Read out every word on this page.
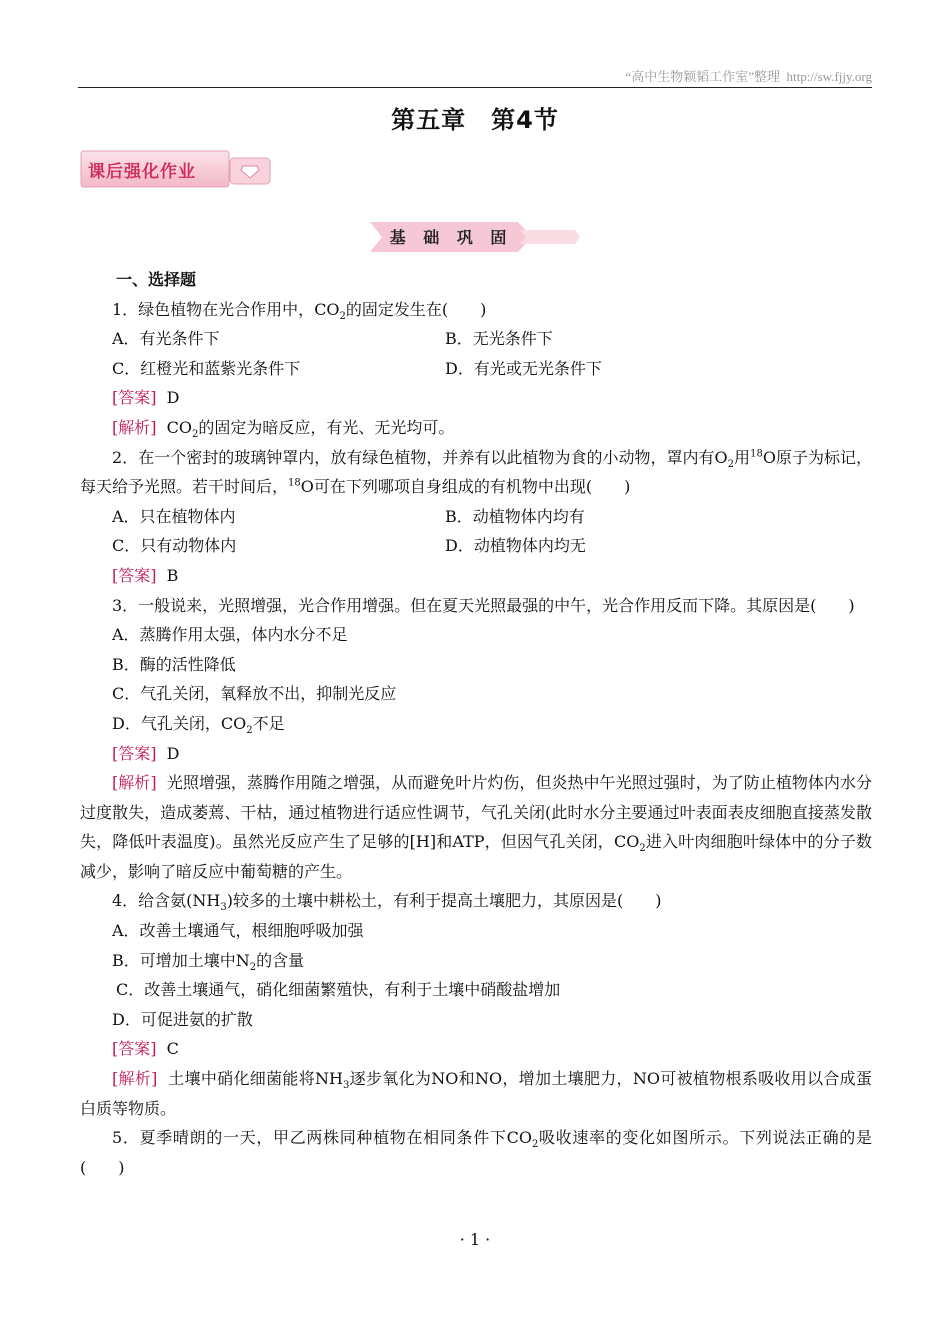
“高中生物颖韬工作室”整理 http://sw.fjjy.org
第五章　第4节
课后强化作业
基 础 巩 固

一、选择题

1．绿色植物在光合作用中，$CO_2$的固定发生在(　　)

A．有光条件下	B．无光条件下
C．红橙光和蓝紫光条件下	D．有光或无光条件下

[答案] D

[解析] $CO_2$的固定为暗反应，有光、无光均可。

2．在一个密封的玻璃钟罩内，放有绿色植物，并养有以此植物为食的小动物，罩内有$O_2$用$^{18}$O原子为标记，每天给予光照。若干时间后，$^{18}$O可在下列哪项自身组成的有机物中出现(　　)

A．只在植物体内	B．动植物体内均有
C．只有动物体内	D．动植物体内均无

[答案] B

3．一般说来，光照增强，光合作用增强。但在夏天光照最强的中午，光合作用反而下降。其原因是(　　)

A．蒸腾作用太强，体内水分不足

B．酶的活性降低

C．气孔关闭，氧释放不出，抑制光反应

D．气孔关闭，$CO_2$不足

[答案] D

[解析] 光照增强，蒸腾作用随之增强，从而避免叶片灼伤，但炎热中午光照过强时，为了防止植物体内水分过度散失，造成萎蔫、干枯，通过植物进行适应性调节，气孔关闭(此时水分主要通过叶表面表皮细胞直接蒸发散失，降低叶表温度)。虽然光反应产生了足够的[H]和ATP，但因气孔关闭，$CO_2$进入叶肉细胞叶绿体中的分子数减少，影响了暗反应中葡萄糖的产生。

4．给含氨$(NH_3)$较多的土壤中耕松土，有利于提高土壤肥力，其原因是(　　)

A．改善土壤通气，根细胞呼吸加强

B．可增加土壤中$N_2$的含量

C．改善土壤通气，硝化细菌繁殖快，有利于土壤中硝酸盐增加

D．可促进氨的扩散

[答案] C

[解析] 土壤中硝化细菌能将$NH_3$逐步氧化为NO和NO，增加土壤肥力，NO可被植物根系吸收用以合成蛋白质等物质。

5．夏季晴朗的一天，甲乙两株同种植物在相同条件下$CO_2$吸收速率的变化如图所示。下列说法正确的是(　　)

· 1 ·
